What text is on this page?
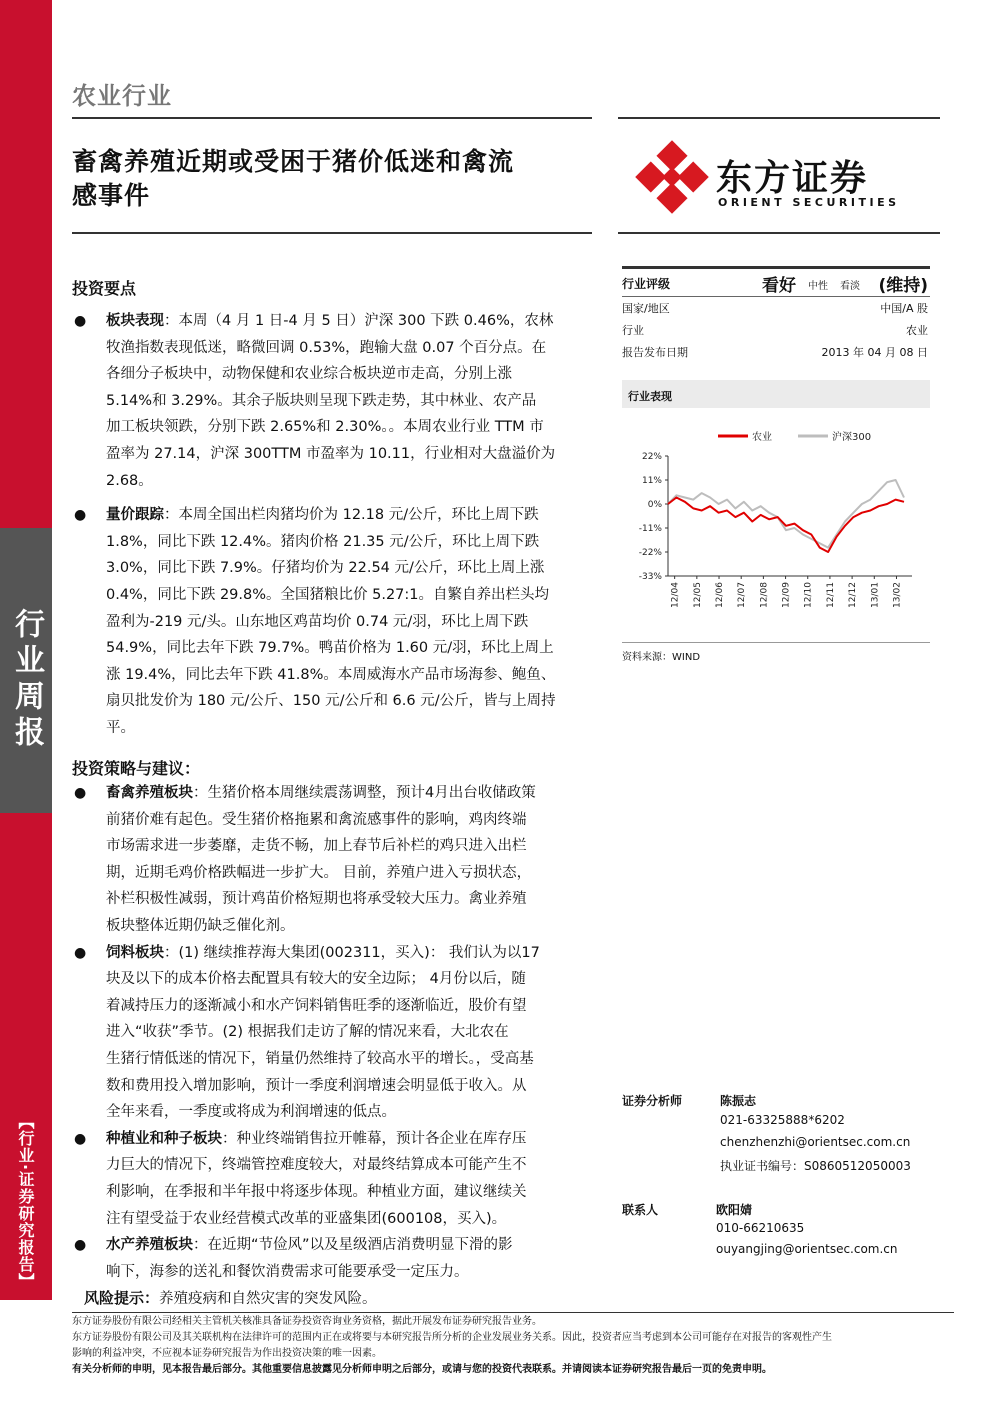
行业周报
【行业·证券研究报告】
农业行业
畜禽养殖近期或受困于猪价低迷和禽流
感事件	东方证券
ORIENT SECURITIES
投资要点
● 板块表现：本周（4 月 1 日-4 月 5 日）沪深 300 下跌 0.46%，农林
牧渔指数表现低迷，略微回调 0.53%，跑输大盘 0.07 个百分点。在
各细分子板块中，动物保健和农业综合板块逆市走高，分别上涨
5.14%和 3.29%。其余子版块则呈现下跌走势，其中林业、农产品
加工板块领跌，分别下跌 2.65%和 2.30%。。本周农业行业 TTM 市
盈率为 27.14，沪深 300TTM 市盈率为 10.11，行业相对大盘溢价为
2.68。
● 量价跟踪：本周全国出栏肉猪均价为 12.18 元/公斤，环比上周下跌
1.8%，同比下跌 12.4%。猪肉价格 21.35 元/公斤，环比上周下跌
3.0%，同比下跌 7.9%。仔猪均价为 22.54 元/公斤，环比上周上涨
0.4%，同比下跌 29.8%。全国猪粮比价 5.27:1。自繁自养出栏头均
盈利为-219 元/头。山东地区鸡苗均价 0.74 元/羽，环比上周下跌
54.9%，同比去年下跌 79.7%。鸭苗价格为 1.60 元/羽，环比上周上
涨 19.4%，同比去年下跌 41.8%。本周威海水产品市场海参、鲍鱼、
扇贝批发价为 180 元/公斤、150 元/公斤和 6.6 元/公斤，皆与上周持
平。
投资策略与建议：
● 畜禽养殖板块：生猪价格本周继续震荡调整，预计4月出台收储政策
前猪价难有起色。受生猪价格拖累和禽流感事件的影响，鸡肉终端
市场需求进一步萎靡，走货不畅，加上春节后补栏的鸡只进入出栏
期，近期毛鸡价格跌幅进一步扩大。 目前，养殖户进入亏损状态，
补栏积极性减弱，预计鸡苗价格短期也将承受较大压力。禽业养殖
板块整体近期仍缺乏催化剂。
● 饲料板块：(1) 继续推荐海大集团(002311，买入)： 我们认为以17
块及以下的成本价格去配置具有较大的安全边际； 4月份以后，随
着减持压力的逐渐减小和水产饲料销售旺季的逐渐临近，股价有望
进入“收获”季节。(2) 根据我们走访了解的情况来看，大北农在
生猪行情低迷的情况下，销量仍然维持了较高水平的增长。，受高基
数和费用投入增加影响，预计一季度利润增速会明显低于收入。从
全年来看，一季度或将成为利润增速的低点。
● 种植业和种子板块：种业终端销售拉开帷幕，预计各企业在库存压
力巨大的情况下，终端管控难度较大，对最终结算成本可能产生不
利影响，在季报和半年报中将逐步体现。种植业方面，建议继续关
注有望受益于农业经营模式改革的亚盛集团(600108，买入)。
● 水产养殖板块：在近期“节俭风”以及星级酒店消费明显下滑的影
响下，海参的送礼和餐饮消费需求可能要承受一定压力。
风险提示：养殖疫病和自然灾害的突发风险。
行业评级	看好 中性 看淡 (维持)
国家/地区	中国/A 股
行业	农业
报告发布日期	2013 年 04 月 08 日
行业表现
22%
11%
0%
-11%
-22%
-33%
12/04 12/05 12/06 12/07 12/08 12/09 12/10 12/11 12/12 13/01 13/02
农业	沪深300
资料来源：WIND
证券分析师	陈振志
021-63325888*6202
chenzhenzhi@orientsec.com.cn
执业证书编号：S0860512050003
联系人	欧阳婧
010-66210635
ouyangjing@orientsec.com.cn
东方证券股份有限公司经相关主管机关核准具备证券投资咨询业务资格，据此开展发布证券研究报告业务。
东方证券股份有限公司及其关联机构在法律许可的范围内正在或将要与本研究报告所分析的企业发展业务关系。因此，投资者应当考虑到本公司可能存在对报告的客观性产生
影响的利益冲突，不应视本证券研究报告为作出投资决策的唯一因素。
有关分析师的申明，见本报告最后部分。其他重要信息披露见分析师申明之后部分，或请与您的投资代表联系。并请阅读本证券研究报告最后一页的免责申明。
